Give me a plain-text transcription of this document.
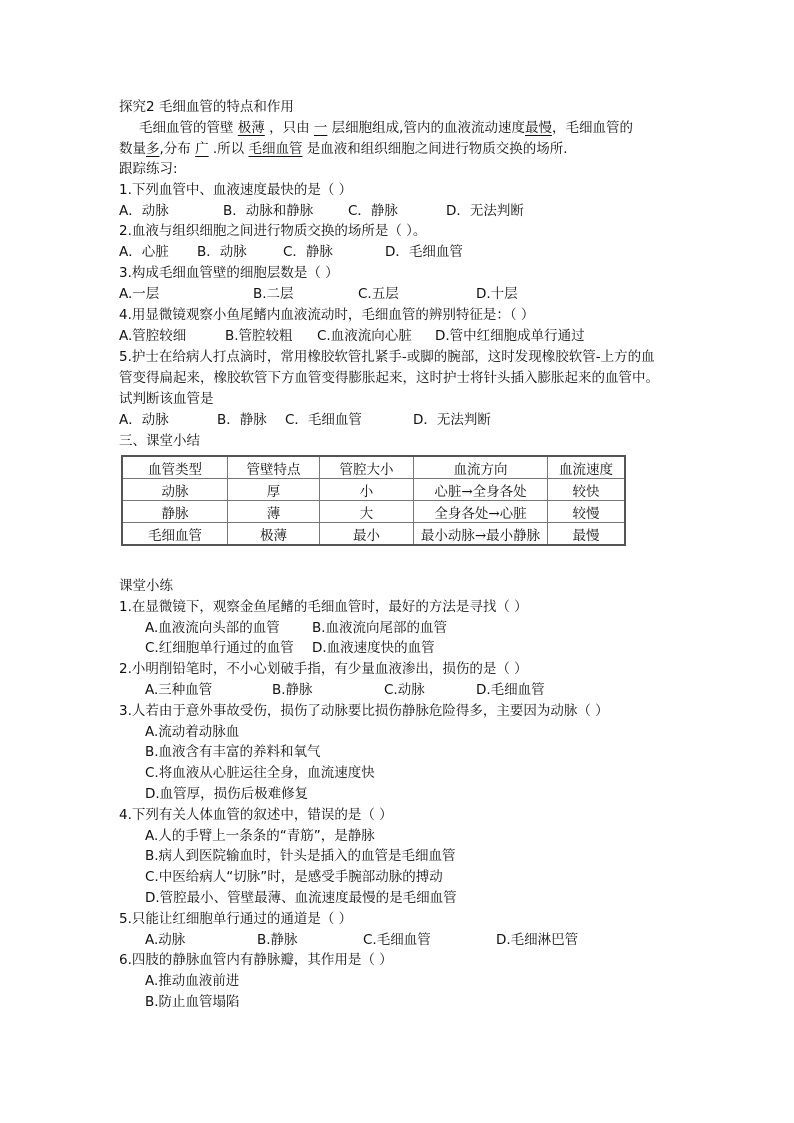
探究2 毛细血管的特点和作用
毛细血管的管壁 极薄 ，只由 一 层细胞组成,管内的血液流动速度最慢，毛细血管的
数量多,分布 广 .所以 毛细血管 是血液和组织细胞之间进行物质交换的场所.
跟踪练习:
1.下列血管中、血液速度最快的是（ ）
A．动脉	B．动脉和静脉	C．静脉	D．无法判断
2.血液与组织细胞之间进行物质交换的场所是（ ）。
A．心脏 B．动脉	C．静脉	D．毛细血管
3.构成毛细血管壁的细胞层数是（ ）
A.一层	B.二层	C.五层	D.十层
4.用显微镜观察小鱼尾鳍内血液流动时，毛细血管的辨别特征是：（ ）
A.管腔较细	B.管腔较粗 C.血液流向心脏 D.管中红细胞成单行通过
5.护士在给病人打点滴时，常用橡胶软管扎紧手-或脚的腕部，这时发现橡胶软管-上方的血
管变得扁起来，橡胶软管下方血管变得膨胀起来，这时护士将针头插入膨胀起来的血管中。
试判断该血管是
A．动脉	B．静脉 C．毛细血管	D．无法判断
三、课堂小结
血管类型	管壁特点	管腔大小	血流方向	血流速度
动脉	厚	小	心脏→全身各处	较快
静脉	薄	大	全身各处→心脏	较慢
毛细血管	极薄	最小	最小动脉→最小静脉	最慢
课堂小练
1.在显微镜下，观察金鱼尾鳍的毛细血管时，最好的方法是寻找（ ）
A.血液流向头部的血管 B.血液流向尾部的血管
C.红细胞单行通过的血管 D.血液速度快的血管
2.小明削铅笔时，不小心划破手指，有少量血液渗出，损伤的是（ ）
A.三种血管	B.静脉	C.动脉	D.毛细血管
3.人若由于意外事故受伤，损伤了动脉要比损伤静脉危险得多，主要因为动脉（ ）
A.流动着动脉血
B.血液含有丰富的养料和氧气
C.将血液从心脏运往全身，血流速度快
D.血管厚，损伤后极难修复
4.下列有关人体血管的叙述中，错误的是（ ）
A.人的手臂上一条条的“青筋”，是静脉
B.病人到医院输血时，针头是插入的血管是毛细血管
C.中医给病人“切脉”时，是感受手腕部动脉的搏动
D.管腔最小、管壁最薄、血流速度最慢的是毛细血管
5.只能让红细胞单行通过的通道是（ ）
A.动脉	B.静脉	C.毛细血管	D.毛细淋巴管
6.四肢的静脉血管内有静脉瓣，其作用是（ ）
A.推动血液前进
B.防止血管塌陷
